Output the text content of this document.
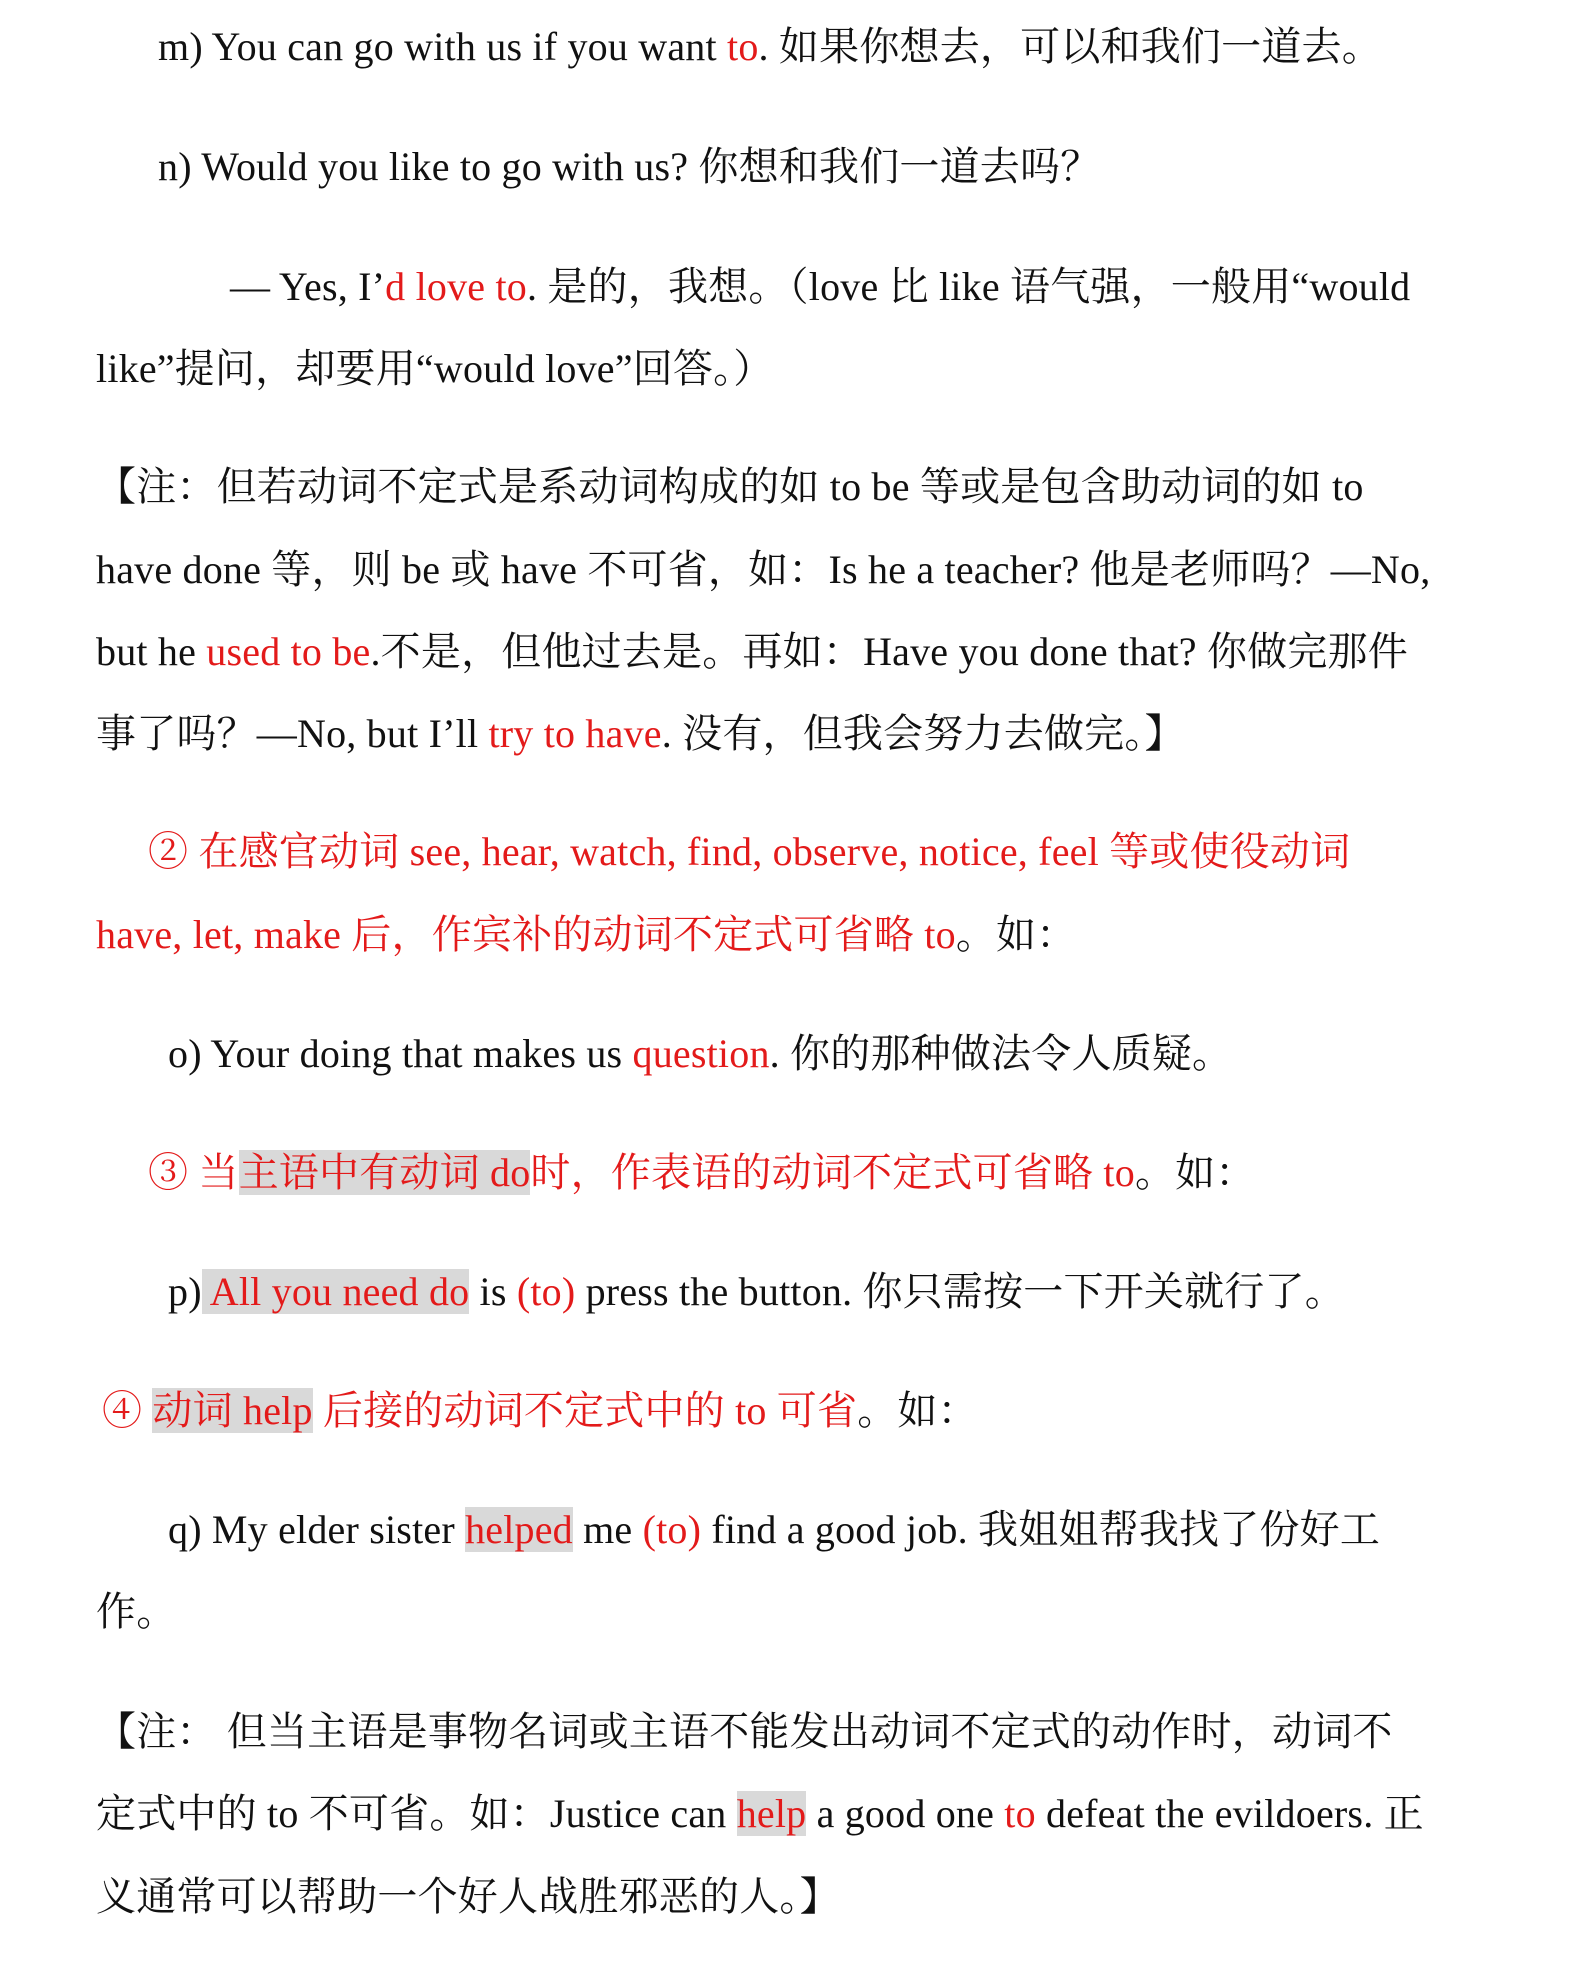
m) You can go with us if you want to. 如果你想去，可以和我们一道去。

n) Would you like to go with us? 你想和我们一道去吗？

— Yes, I’d love to. 是的，我想。（love 比 like 语气强，一般用“would

like”提问，却要用“would love”回答。）

【注：但若动词不定式是系动词构成的如 to be 等或是包含助动词的如 to

have done 等，则 be 或 have 不可省，如：Is he a teacher? 他是老师吗？—No,

but he used to be.不是，但他过去是。再如：Have you done that? 你做完那件

事了吗？—No, but I’ll try to have. 没有，但我会努力去做完。】

② 在感官动词 see, hear, watch, find, observe, notice, feel 等或使役动词

have, let, make 后，作宾补的动词不定式可省略 to。如：

o) Your doing that makes us question. 你的那种做法令人质疑。

③ 当主语中有动词 do时，作表语的动词不定式可省略 to。如：

p) All you need do is (to) press the button. 你只需按一下开关就行了。

④ 动词 help 后接的动词不定式中的 to 可省。如：

q) My elder sister helped me (to) find a good job. 我姐姐帮我找了份好工

作。

【注： 但当主语是事物名词或主语不能发出动词不定式的动作时，动词不

定式中的 to 不可省。如：Justice can help a good one to defeat the evildoers. 正

义通常可以帮助一个好人战胜邪恶的人。】
